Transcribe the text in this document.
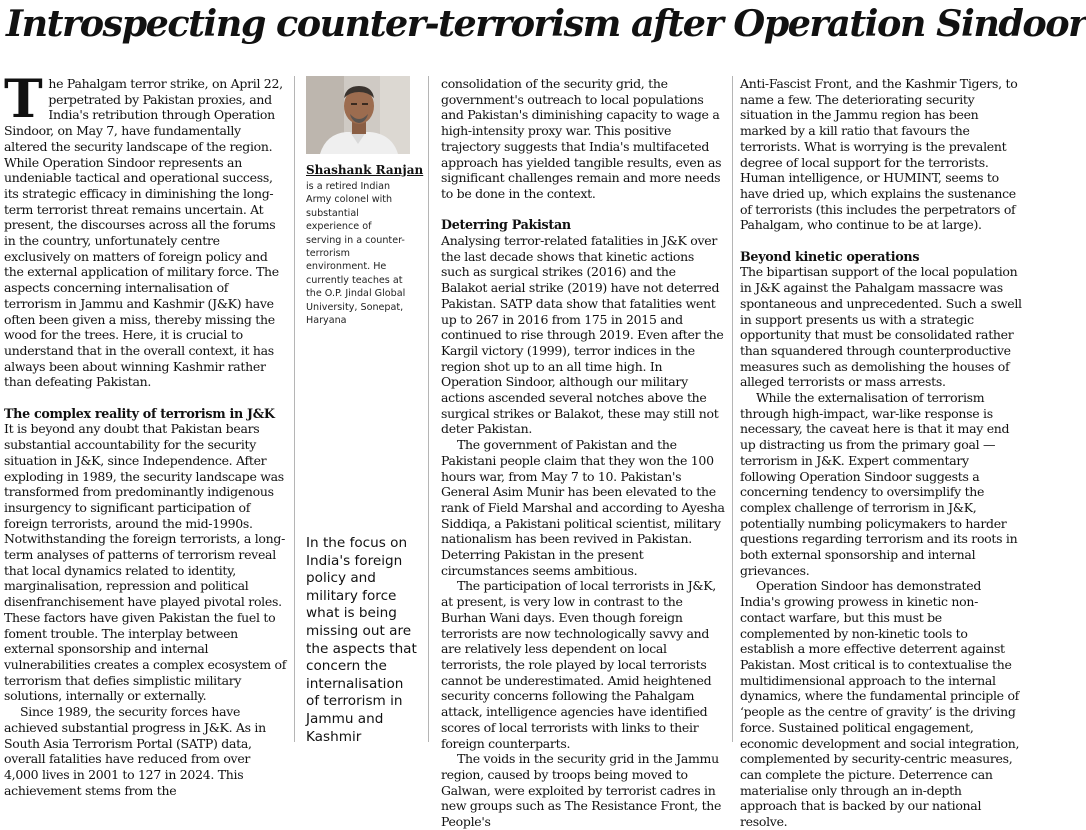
Introspecting counter-terrorism after Operation Sindoor

The Pahalgam terror strike, on April 22, perpetrated by Pakistan proxies, and India's retribution through Operation Sindoor, on May 7, have fundamentally altered the security landscape of the region. While Operation Sindoor represents an undeniable tactical and operational success, its strategic efficacy in diminishing the long-term terrorist threat remains uncertain. At present, the discourses across all the forums in the country, unfortunately centre exclusively on matters of foreign policy and the external application of military force. The aspects concerning internalisation of terrorism in Jammu and Kashmir (J&K) have often been given a miss, thereby missing the wood for the trees. Here, it is crucial to understand that in the overall context, it has always been about winning Kashmir rather than defeating Pakistan.

The complex reality of terrorism in J&K

It is beyond any doubt that Pakistan bears substantial accountability for the security situation in J&K, since Independence. After exploding in 1989, the security landscape was transformed from predominantly indigenous insurgency to significant participation of foreign terrorists, around the mid-1990s.

Notwithstanding the foreign terrorists, a long-term analyses of patterns of terrorism reveal that local dynamics related to identity, marginalisation, repression and political disenfranchisement have played pivotal roles. These factors have given Pakistan the fuel to foment trouble. The interplay between external sponsorship and internal vulnerabilities creates a complex ecosystem of terrorism that defies simplistic military solutions, internally or externally.

Since 1989, the security forces have achieved substantial progress in J&K. As in South Asia Terrorism Portal (SATP) data, overall fatalities have reduced from over 4,000 lives in 2001 to 127 in 2024. This achievement stems from the

Shashank Ranjan
is a retired Indian Army colonel with substantial experience of serving in a counter-terrorism environment. He currently teaches at the O.P. Jindal Global University, Sonepat, Haryana
In the focus on India's foreign policy and military force what is being missing out are the aspects that concern the internalisation of terrorism in Jammu and Kashmir

consolidation of the security grid, the government's outreach to local populations and Pakistan's diminishing capacity to wage a high-intensity proxy war. This positive trajectory suggests that India's multifaceted approach has yielded tangible results, even as significant challenges remain and more needs to be done in the context.

Deterring Pakistan

Analysing terror-related fatalities in J&K over the last decade shows that kinetic actions such as surgical strikes (2016) and the Balakot aerial strike (2019) have not deterred Pakistan. SATP data show that fatalities went up to 267 in 2016 from 175 in 2015 and continued to rise through 2019. Even after the Kargil victory (1999), terror indices in the region shot up to an all time high. In Operation Sindoor, although our military actions ascended several notches above the surgical strikes or Balakot, these may still not deter Pakistan.

The government of Pakistan and the Pakistani people claim that they won the 100 hours war, from May 7 to 10. Pakistan's General Asim Munir has been elevated to the rank of Field Marshal and according to Ayesha Siddiqa, a Pakistani political scientist, military nationalism has been revived in Pakistan. Deterring Pakistan in the present circumstances seems ambitious.

The participation of local terrorists in J&K, at present, is very low in contrast to the Burhan Wani days. Even though foreign terrorists are now technologically savvy and are relatively less dependent on local terrorists, the role played by local terrorists cannot be underestimated. Amid heightened security concerns following the Pahalgam attack, intelligence agencies have identified scores of local terrorists with links to their foreign counterparts.

The voids in the security grid in the Jammu region, caused by troops being moved to Galwan, were exploited by terrorist cadres in new groups such as The Resistance Front, the People's

Anti-Fascist Front, and the Kashmir Tigers, to name a few. The deteriorating security situation in the Jammu region has been marked by a kill ratio that favours the terrorists. What is worrying is the prevalent degree of local support for the terrorists. Human intelligence, or HUMINT, seems to have dried up, which explains the sustenance of terrorists (this includes the perpetrators of Pahalgam, who continue to be at large).

Beyond kinetic operations

The bipartisan support of the local population in J&K against the Pahalgam massacre was spontaneous and unprecedented. Such a swell in support presents us with a strategic opportunity that must be consolidated rather than squandered through counterproductive measures such as demolishing the houses of alleged terrorists or mass arrests.

While the externalisation of terrorism through high-impact, war-like response is necessary, the caveat here is that it may end up distracting us from the primary goal — terrorism in J&K. Expert commentary following Operation Sindoor suggests a concerning tendency to oversimplify the complex challenge of terrorism in J&K, potentially numbing policymakers to harder questions regarding terrorism and its roots in both external sponsorship and internal grievances.

Operation Sindoor has demonstrated India's growing prowess in kinetic non-contact warfare, but this must be complemented by non-kinetic tools to establish a more effective deterrent against Pakistan. Most critical is to contextualise the multidimensional approach to the internal dynamics, where the fundamental principle of ‘people as the centre of gravity’ is the driving force. Sustained political engagement, economic development and social integration, complemented by security-centric measures, can complete the picture. Deterrence can materialise only through an in-depth approach that is backed by our national resolve.
